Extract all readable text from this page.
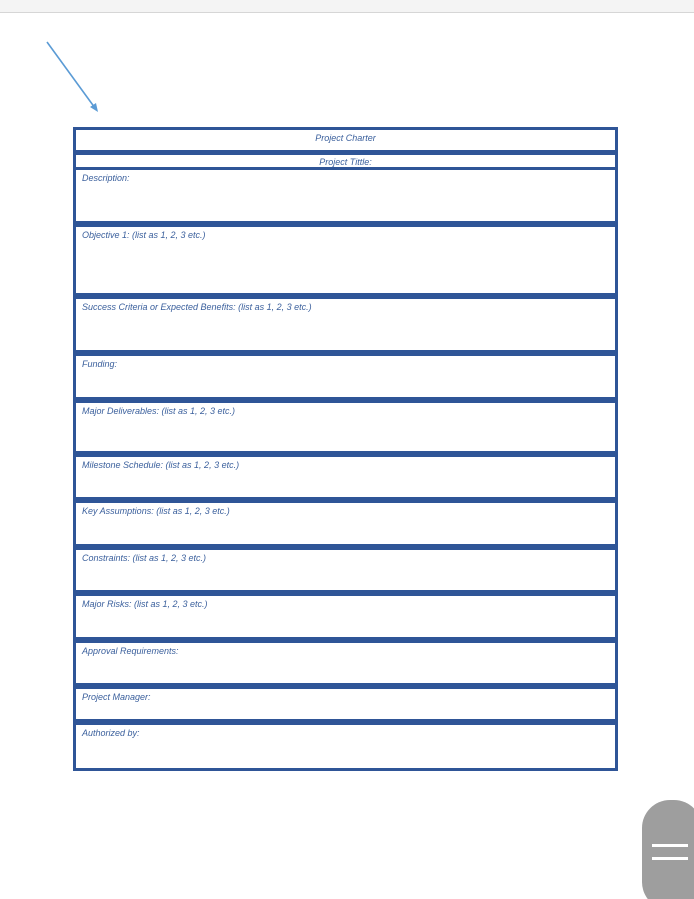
Project Charter
Project Tittle:
Description:
Objective 1: (list as 1, 2, 3 etc.)
Success Criteria or Expected Benefits: (list as 1, 2, 3 etc.)
Funding:
Major Deliverables: (list as 1, 2, 3 etc.)
Milestone Schedule: (list as 1, 2, 3 etc.)
Key Assumptions: (list as 1, 2, 3 etc.)
Constraints: (list as 1, 2, 3 etc.)
Major Risks: (list as 1, 2, 3 etc.)
Approval Requirements:
Project Manager:
Authorized by:
